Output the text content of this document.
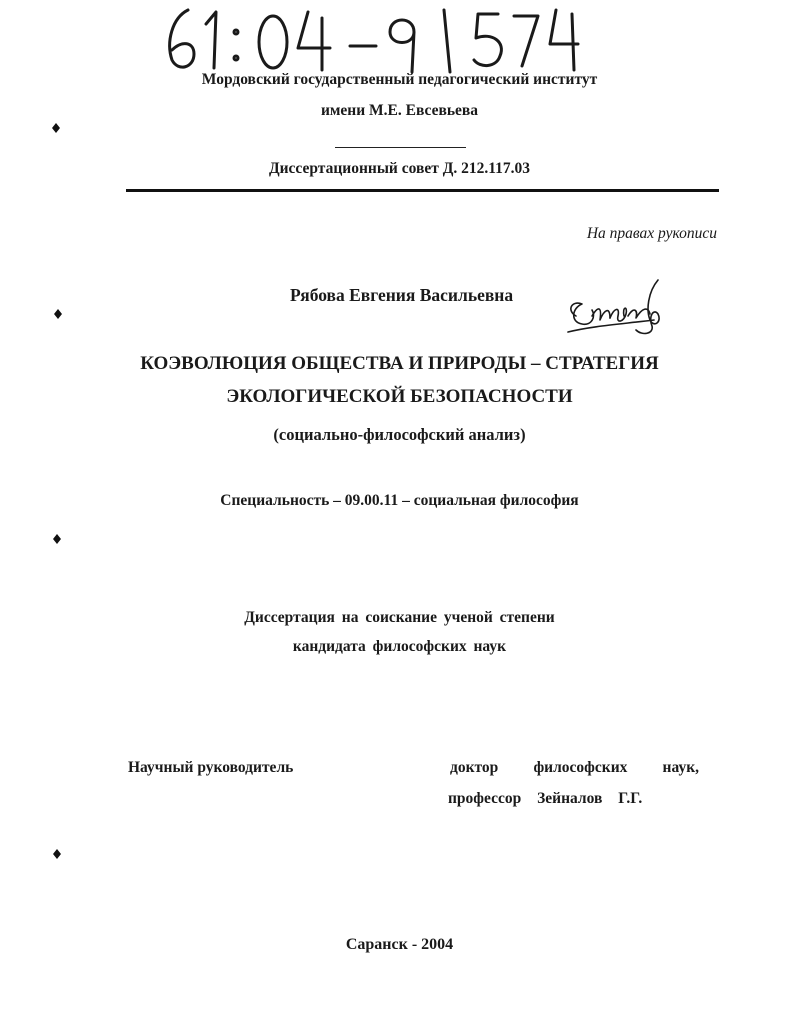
Мордовский государственный педагогический институт
имени М.Е. Евсевьева
Диссертационный совет Д. 212.117.03
На правах рукописи
Рябова Евгения Васильевна
КОЭВОЛЮЦИЯ ОБЩЕСТВА И ПРИРОДЫ – СТРАТЕГИЯ
ЭКОЛОГИЧЕСКОЙ БЕЗОПАСНОСТИ
(социально-философский анализ)
Специальность – 09.00.11 – социальная философия
Диссертация на соискание ученой степени
кандидата философских наук
Научный руководитель	доктор философских наук,
профессор Зейналов Г.Г.
Саранск - 2004
